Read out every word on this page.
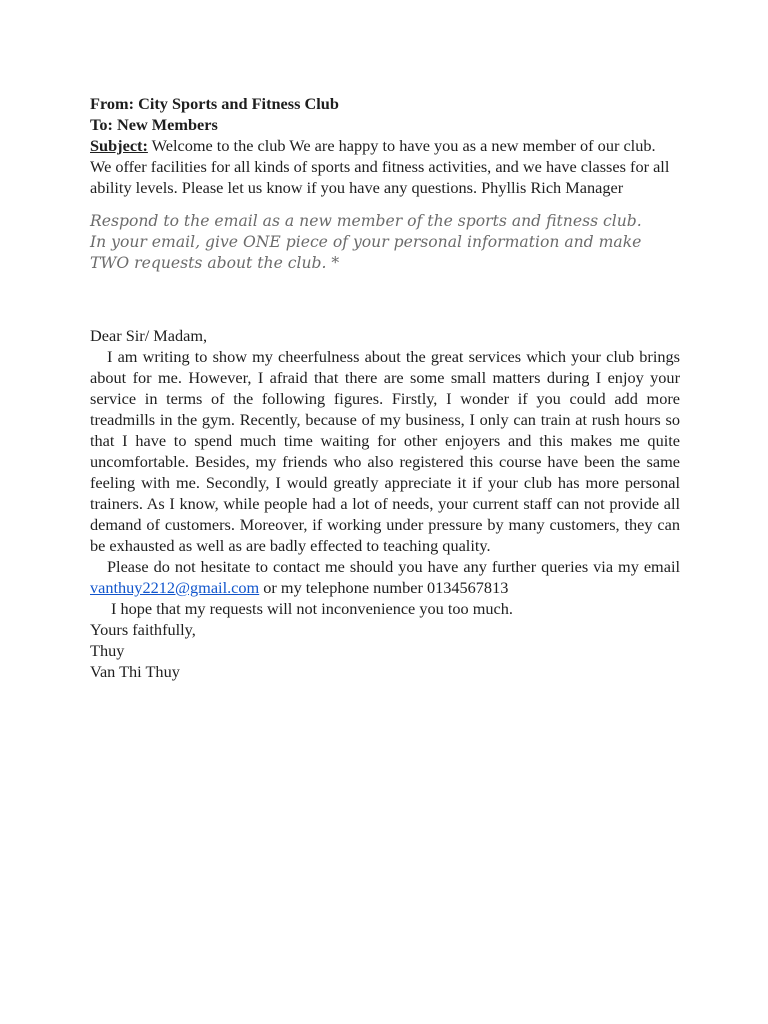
From: City Sports and Fitness Club
To: New Members
Subject: Welcome to the club We are happy to have you as a new member of our club. We offer facilities for all kinds of sports and fitness activities, and we have classes for all ability levels. Please let us know if you have any questions. Phyllis Rich Manager
Respond to the email as a new member of the sports and fitness club. In your email, give ONE piece of your personal information and make TWO requests about the club. *
Dear Sir/ Madam,
I am writing to show my cheerfulness about the great services which your club brings about for me. However, I afraid that there are some small matters during I enjoy your service in terms of the following figures. Firstly, I wonder if you could add more treadmills in the gym. Recently, because of my business, I only can train at rush hours so that I have to spend much time waiting for other enjoyers and this makes me quite uncomfortable. Besides, my friends who also registered this course have been the same feeling with me. Secondly, I would greatly appreciate it if your club has more personal trainers. As I know, while people had a lot of needs, your current staff can not provide all demand of customers. Moreover, if working under pressure by many customers, they can be exhausted as well as are badly effected to teaching quality.
Please do not hesitate to contact me should you have any further queries via my email vanthuy2212@gmail.com or my telephone number 0134567813
I hope that my requests will not inconvenience you too much.
Yours faithfully,
Thuy
Van Thi Thuy
